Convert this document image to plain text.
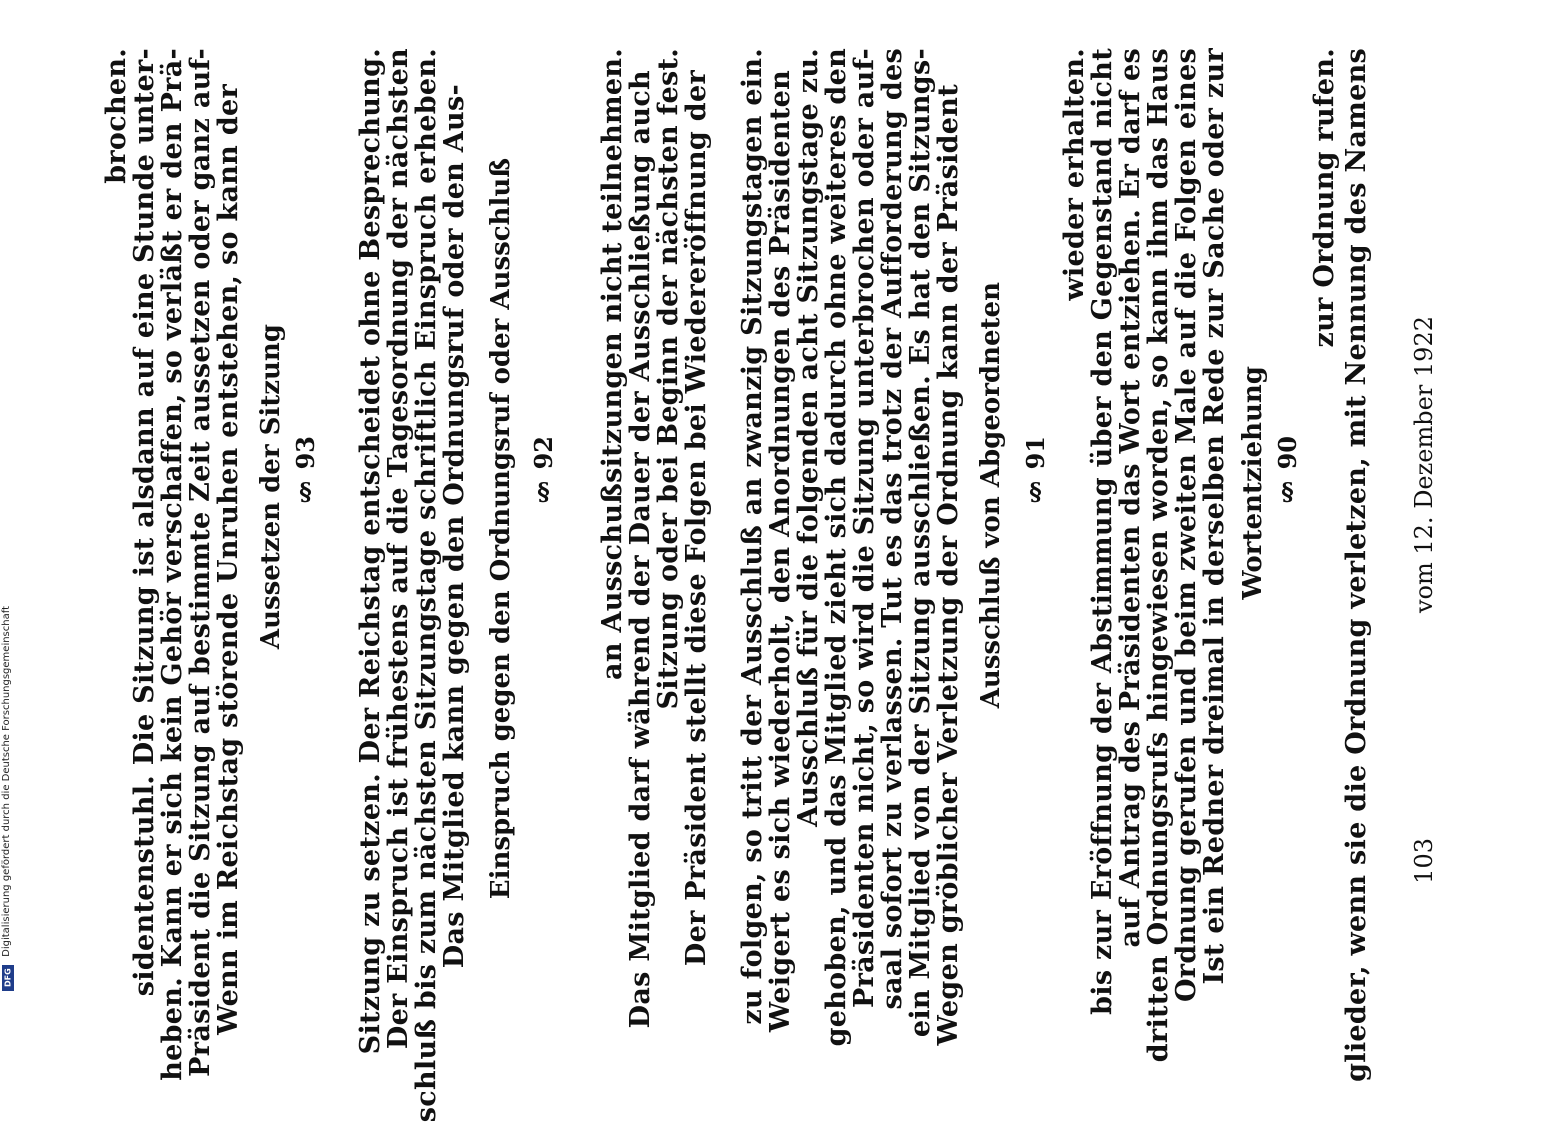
vom 12. Dezember 1922
103
glieder, wenn sie die Ordnung verletzen, mit Nennung des Namens
zur Ordnung rufen.
§ 90
Wortentziehung
Ist ein Redner dreimal in derselben Rede zur Sache oder zur
Ordnung gerufen und beim zweiten Male auf die Folgen eines
dritten Ordnungsrufs hingewiesen worden, so kann ihm das Haus
auf Antrag des Präsidenten das Wort entziehen. Er darf es
bis zur Eröffnung der Abstimmung über den Gegenstand nicht
wieder erhalten.
§ 91
Ausschluß von Abgeordneten
Wegen gröblicher Verletzung der Ordnung kann der Präsident
ein Mitglied von der Sitzung ausschließen. Es hat den Sitzungs-
saal sofort zu verlassen. Tut es das trotz der Aufforderung des
Präsidenten nicht, so wird die Sitzung unterbrochen oder auf-
gehoben, und das Mitglied zieht sich dadurch ohne weiteres den
Ausschluß für die folgenden acht Sitzungstage zu.
Weigert es sich wiederholt, den Anordnungen des Präsidenten
zu folgen, so tritt der Ausschluß an zwanzig Sitzungstagen ein.
Der Präsident stellt diese Folgen bei Wiedereröffnung der
Sitzung oder bei Beginn der nächsten fest.
Das Mitglied darf während der Dauer der Ausschließung auch
an Ausschußsitzungen nicht teilnehmen.
§ 92
Einspruch gegen den Ordnungsruf oder Ausschluß
Das Mitglied kann gegen den Ordnungsruf oder den Aus-
schluß bis zum nächsten Sitzungstage schriftlich Einspruch erheben.
Der Einspruch ist frühestens auf die Tagesordnung der nächsten
Sitzung zu setzen. Der Reichstag entscheidet ohne Besprechung.
§ 93
Aussetzen der Sitzung
Wenn im Reichstag störende Unruhen entstehen, so kann der
Präsident die Sitzung auf bestimmte Zeit aussetzen oder ganz auf-
heben. Kann er sich kein Gehör verschaffen, so verläßt er den Prä-
sidentenstuhl. Die Sitzung ist alsdann auf eine Stunde unter-
brochen.
Digitalisierung gefördert durch die Deutsche Forschungsgemeinschaft
DFG
